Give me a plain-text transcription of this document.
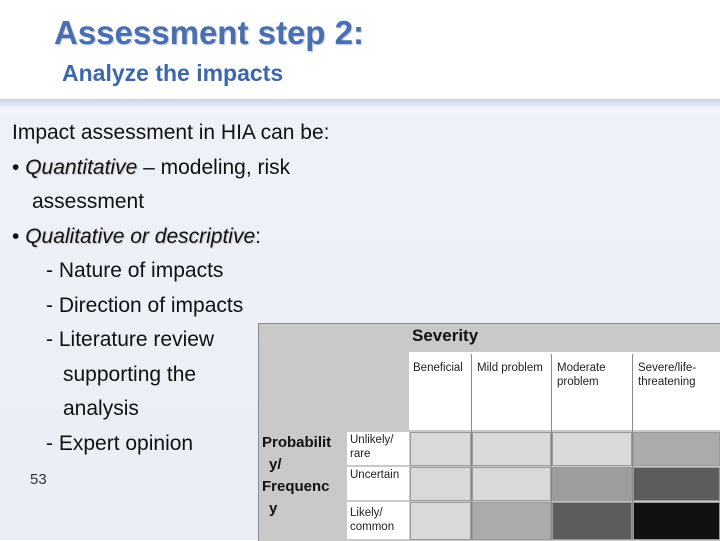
Assessment step 2:
Analyze the impacts
Impact assessment in HIA can be:
• Quantitative – modeling, risk
assessment
• Qualitative or descriptive:
- Nature of impacts
- Direction of impacts
- Literature review
supporting the
analysis
- Expert opinion
53
Severity
Beneficial Mild problem Moderate
problem
Severe/life-
threatening
Probabilit
y/
Frequenc
y
Unlikely/
rare
Uncertain
Likely/
common
